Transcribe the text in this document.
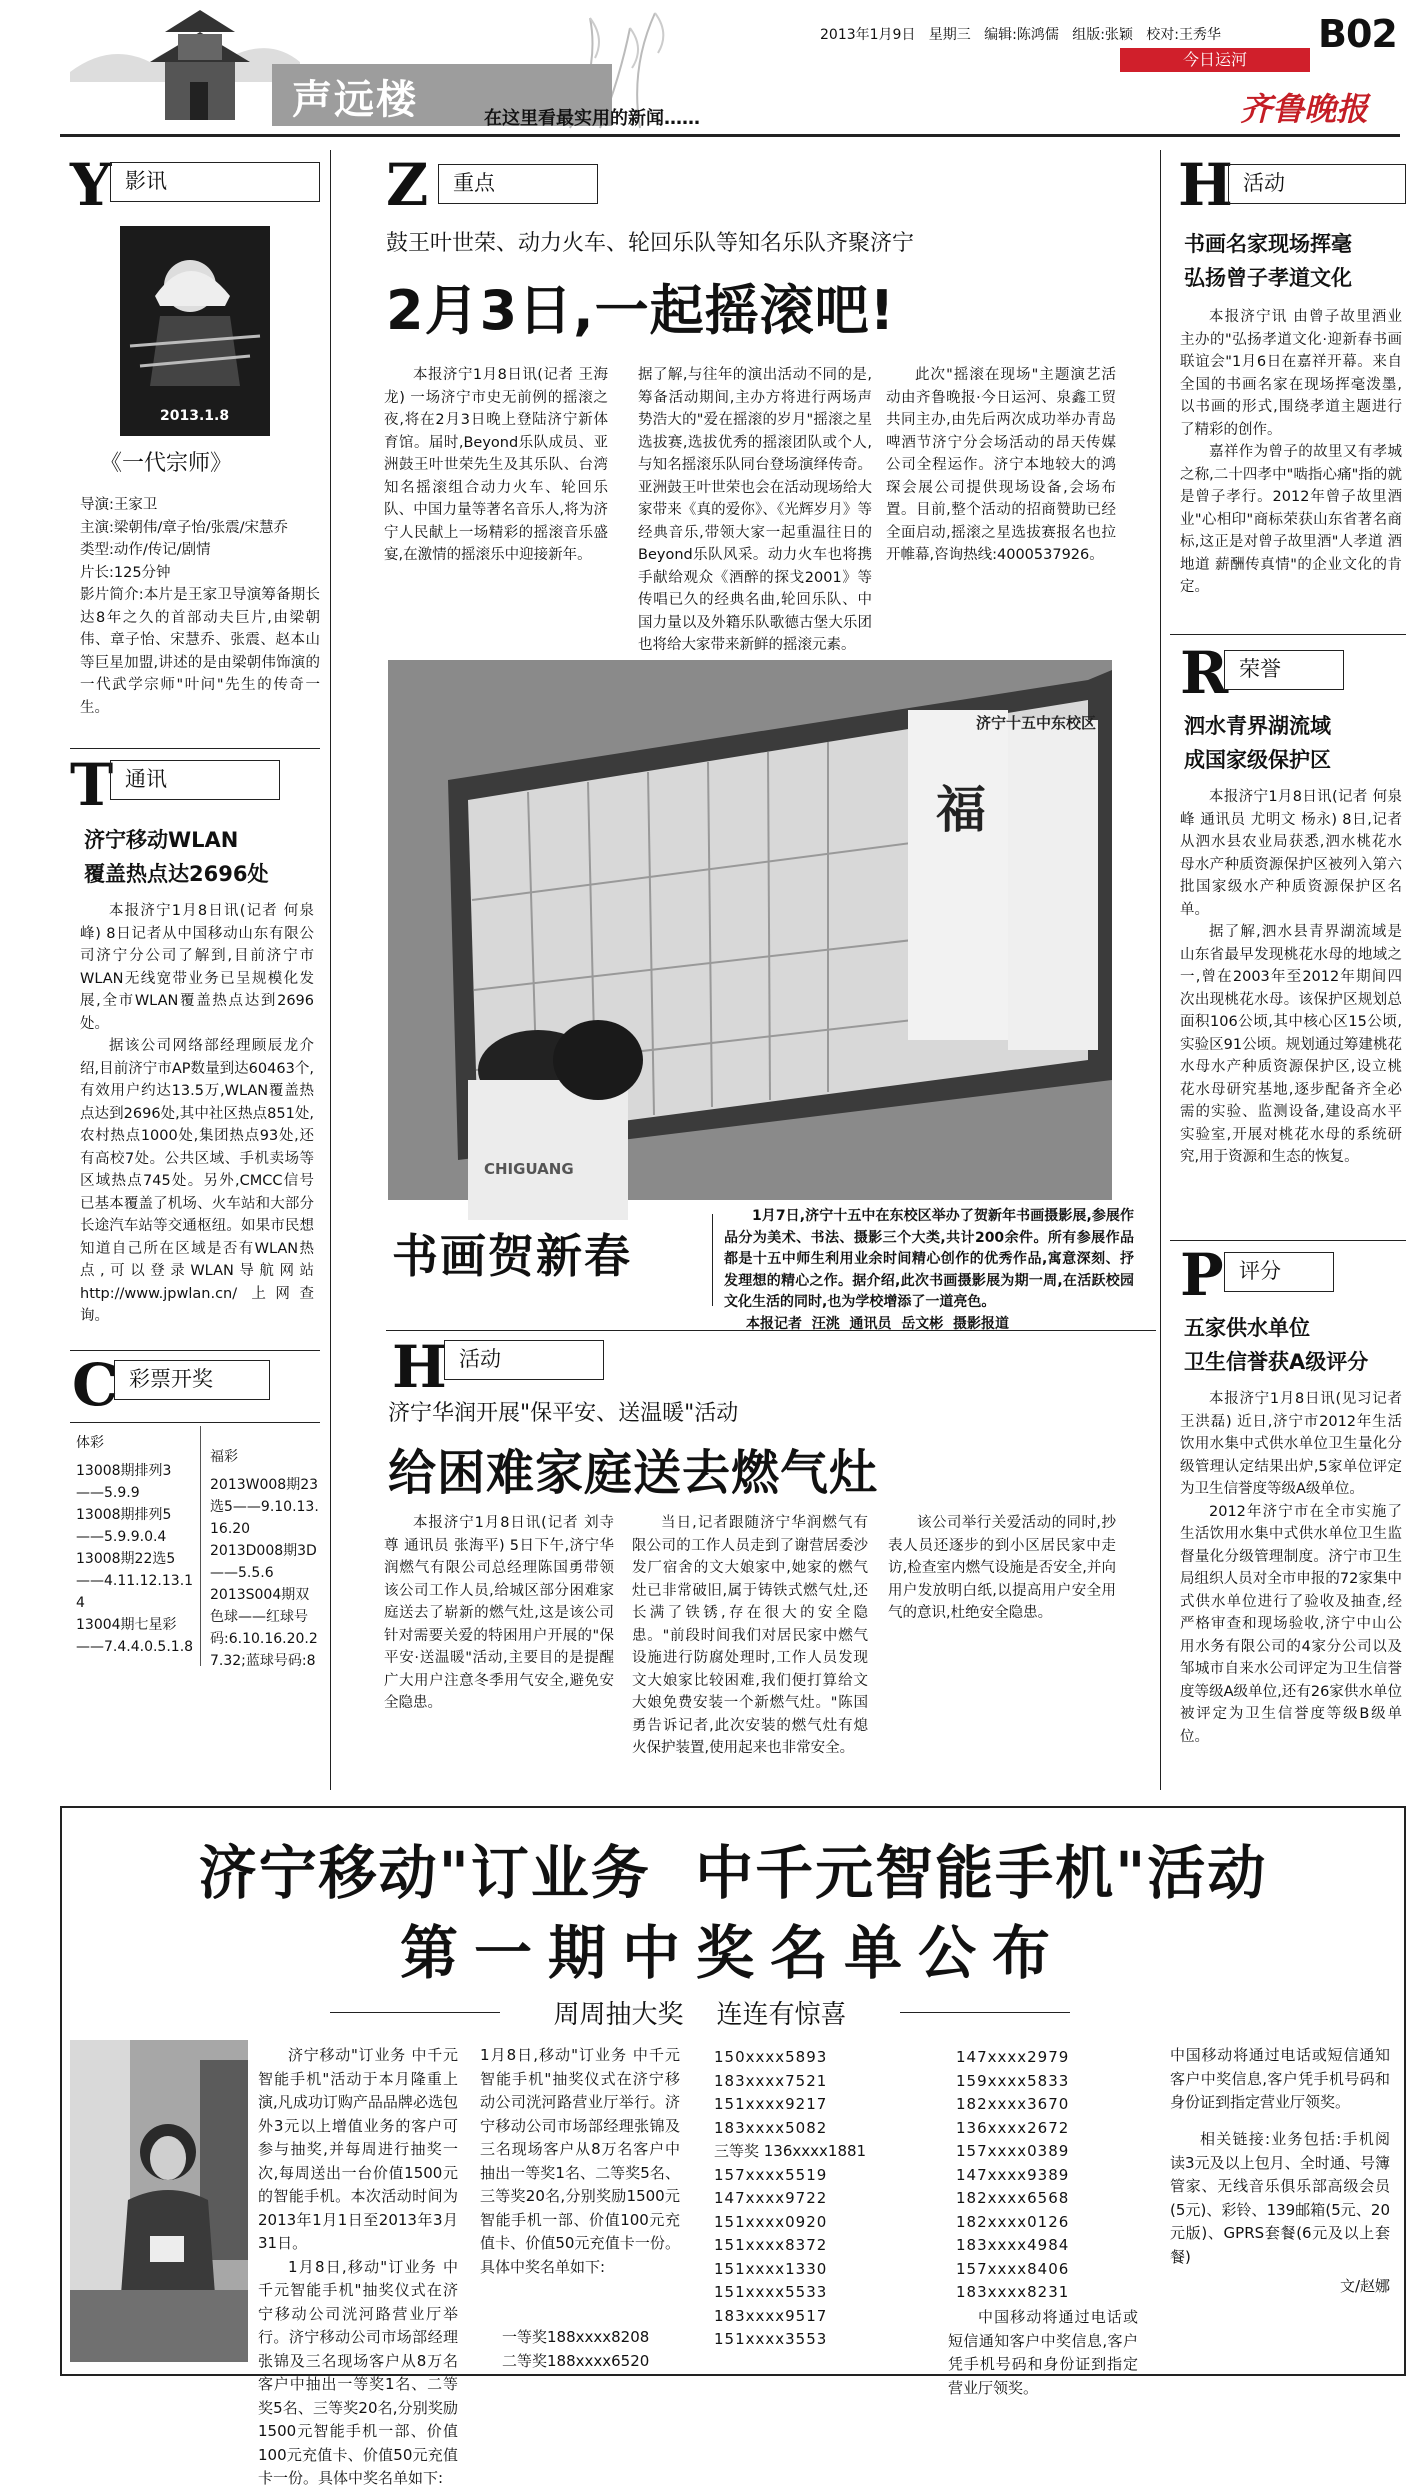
2013年1月9日   星期三   编辑:陈鸿儒   组版:张颖   校对:王秀华	B02
今日运河
声远楼	在这里看最实用的新闻……	齐鲁晚报
Y 影讯
2013.1.8
《一代宗师》
导演:王家卫
主演:梁朝伟/章子怡/张震/宋慧乔
类型:动作/传记/剧情
片长:125分钟
影片简介:本片是王家卫导演筹备期长达8年之久的首部动夫巨片,由梁朝伟、章子怡、宋慧乔、张震、赵本山等巨星加盟,讲述的是由梁朝伟饰演的一代武学宗师"叶问"先生的传奇一生。
T 通讯
济宁移动WLAN
覆盖热点达2696处

本报济宁1月8日讯(记者 何泉峰) 8日记者从中国移动山东有限公司济宁分公司了解到,目前济宁市WLAN无线宽带业务已呈规模化发展,全市WLAN覆盖热点达到2696处。

据该公司网络部经理顾辰龙介绍,目前济宁市AP数量到达60463个,有效用户约达13.5万,WLAN覆盖热点达到2696处,其中社区热点851处,农村热点1000处,集团热点93处,还有高校7处。公共区域、手机卖场等区域热点745处。另外,CMCC信号已基本覆盖了机场、火车站和大部分长途汽车站等交通枢纽。如果市民想知道自己所在区域是否有WLAN热点,可以登录WLAN导航网站 http://www.jpwlan.cn/ 上网查询。

C 彩票开奖
体彩
13008期排列3——5.9.9
13008期排列5——5.9.9.0.4
13008期22选5——4.11.12.13.14
13004期七星彩——7.4.4.0.5.1.8
福彩
2013W008期23选5——9.10.13.16.20
2013D008期3D——5.5.6
2013S004期双色球——红球号码:6.10.16.20.27.32;蓝球号码:8
Z	重点
鼓王叶世荣、动力火车、轮回乐队等知名乐队齐聚济宁
2月3日,一起摇滚吧!

本报济宁1月8日讯(记者 王海龙) 一场济宁市史无前例的摇滚之夜,将在2月3日晚上登陆济宁新体育馆。届时,Beyond乐队成员、亚洲鼓王叶世荣先生及其乐队、台湾知名摇滚组合动力火车、轮回乐队、中国力量等著名音乐人,将为济宁人民献上一场精彩的摇滚音乐盛宴,在激情的摇滚乐中迎接新年。

据了解,与往年的演出活动不同的是,筹备活动期间,主办方将进行两场声势浩大的"爱在摇滚的岁月"摇滚之星选拔赛,选拔优秀的摇滚团队或个人,与知名摇滚乐队同台登场演绎传奇。亚洲鼓王叶世荣也会在活动现场给大家带来《真的爱你》、《光辉岁月》等经典音乐,带领大家一起重温往日的Beyond乐队风采。动力火车也将携手献给观众《酒醉的探戈2001》等传唱已久的经典名曲,轮回乐队、中国力量以及外籍乐队歌德古堡大乐团也将给大家带来新鲜的摇滚元素。

此次"摇滚在现场"主题演艺活动由齐鲁晚报·今日运河、泉鑫工贸共同主办,由先后两次成功举办青岛啤酒节济宁分会场活动的昂天传媒公司全程运作。济宁本地较大的鸿琛会展公司提供现场设备,会场布置。目前,整个活动的招商赞助已经全面启动,摇滚之星选拔赛报名也拉开帷幕,咨询热线:4000537926。

济宁十五中东校区
福
CHIGUANG
书画贺新春

1月7日,济宁十五中在东校区举办了贺新年书画摄影展,参展作品分为美术、书法、摄影三个大类,共计200余件。所有参展作品都是十五中师生利用业余时间精心创作的优秀作品,寓意深刻、抒发理想的精心之作。据介绍,此次书画摄影展为期一周,在活跃校园文化生活的同时,也为学校增添了一道亮色。

本报记者  汪洮  通讯员  岳文彬  摄影报道

H 活动
济宁华润开展"保平安、送温暖"活动
给困难家庭送去燃气灶

本报济宁1月8日讯(记者 刘寺尊 通讯员 张海平) 5日下午,济宁华润燃气有限公司总经理陈国勇带领该公司工作人员,给城区部分困难家庭送去了崭新的燃气灶,这是该公司针对需要关爱的特困用户开展的"保平安·送温暖"活动,主要目的是提醒广大用户注意冬季用气安全,避免安全隐患。

当日,记者跟随济宁华润燃气有限公司的工作人员走到了谢营居委沙发厂宿舍的文大娘家中,她家的燃气灶已非常破旧,属于铸铁式燃气灶,还长满了铁锈,存在很大的安全隐患。"前段时间我们对居民家中燃气设施进行防腐处理时,工作人员发现文大娘家比较困难,我们便打算给文大娘免费安装一个新燃气灶。"陈国勇告诉记者,此次安装的燃气灶有熄火保护装置,使用起来也非常安全。

该公司举行关爱活动的同时,抄表人员还逐步的到小区居民家中走访,检查室内燃气设施是否安全,并向用户发放明白纸,以提高用户安全用气的意识,杜绝安全隐患。

H 活动
书画名家现场挥毫
弘扬曾子孝道文化

本报济宁讯 由曾子故里酒业主办的"弘扬孝道文化·迎新春书画联谊会"1月6日在嘉祥开幕。来自全国的书画名家在现场挥毫泼墨,以书画的形式,围绕孝道主题进行了精彩的创作。

嘉祥作为曾子的故里又有孝城之称,二十四孝中"啮指心痛"指的就是曾子孝行。2012年曾子故里酒业"心相印"商标荣获山东省著名商标,这正是对曾子故里酒"人孝道 酒地道 薪酬传真情"的企业文化的肯定。

R 荣誉
泗水青界湖流域
成国家级保护区

本报济宁1月8日讯(记者 何泉峰 通讯员 尤明文 杨永) 8日,记者从泗水县农业局获悉,泗水桃花水母水产种质资源保护区被列入第六批国家级水产种质资源保护区名单。

据了解,泗水县青界湖流域是山东省最早发现桃花水母的地域之一,曾在2003年至2012年期间四次出现桃花水母。该保护区规划总面积106公顷,其中核心区15公顷,实验区91公顷。规划通过筹建桃花水母水产种质资源保护区,设立桃花水母研究基地,逐步配备齐全必需的实验、监测设备,建设高水平实验室,开展对桃花水母的系统研究,用于资源和生态的恢复。

P 评分
五家供水单位
卫生信誉获A级评分

本报济宁1月8日讯(见习记者 王洪磊) 近日,济宁市2012年生活饮用水集中式供水单位卫生量化分级管理认定结果出炉,5家单位评定为卫生信誉度等级A级单位。

2012年济宁市在全市实施了生活饮用水集中式供水单位卫生监督量化分级管理制度。济宁市卫生局组织人员对全市申报的72家集中式供水单位进行了验收及抽查,经严格审查和现场验收,济宁中山公用水务有限公司的4家分公司以及邹城市自来水公司评定为卫生信誉度等级A级单位,还有26家供水单位被评定为卫生信誉度等级B级单位。

济宁移动"订业务  中千元智能手机"活动
第一期中奖名单公布
周周抽大奖    连连有惊喜

济宁移动"订业务 中千元智能手机"活动于本月隆重上演,凡成功订购产品品牌必选包外3元以上增值业务的客户可参与抽奖,并每周进行抽奖一次,每周送出一台价值1500元的智能手机。本次活动时间为2013年1月1日至2013年3月31日。

1月8日,移动"订业务 中千元智能手机"抽奖仪式在济宁移动公司洸河路营业厅举行。济宁移动公司市场部经理张锦及三名现场客户从8万名客户中抽出一等奖1名、二等奖5名、三等奖20名,分别奖励1500元智能手机一部、价值100元充值卡、价值50元充值卡一份。具体中奖名单如下:

1月8日,移动"订业务 中千元智能手机"抽奖仪式在济宁移动公司洸河路营业厅举行。济宁移动公司市场部经理张锦及三名现场客户从8万名客户中抽出一等奖1名、二等奖5名、三等奖20名,分别奖励1500元智能手机一部、价值100元充值卡、价值50元充值卡一份。具体中奖名单如下:

一等奖188xxxx8208
二等奖188xxxx6520
150xxxx5893
183xxxx7521
151xxxx9217
183xxxx5082
三等奖 136xxxx1881
157xxxx5519
147xxxx9722
151xxxx0920
151xxxx8372
151xxxx1330
151xxxx5533
183xxxx9517
151xxxx3553
147xxxx2979
159xxxx5833
182xxxx3670
136xxxx2672
157xxxx0389
147xxxx9389
182xxxx6568
182xxxx0126
183xxxx4984
157xxxx8406
183xxxx8231

中国移动将通过电话或短信通知客户中奖信息,客户凭手机号码和身份证到指定营业厅领奖。

中国移动将通过电话或短信通知客户中奖信息,客户凭手机号码和身份证到指定营业厅领奖。

相关链接:业务包括:手机阅读3元及以上包月、全时通、号簿管家、无线音乐俱乐部高级会员(5元)、彩铃、139邮箱(5元、20元版)、GPRS套餐(6元及以上套餐)

文/赵娜
